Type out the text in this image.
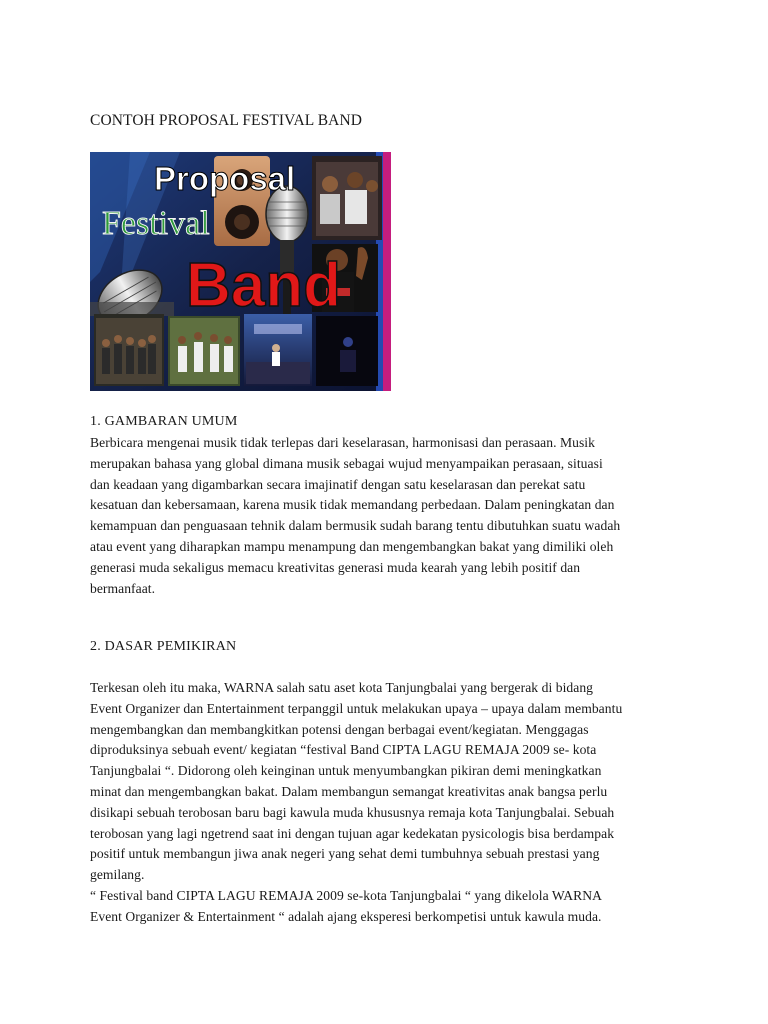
CONTOH PROPOSAL FESTIVAL BAND
Proposal
Festival
Band
1. GAMBARAN UMUM
Berbicara mengenai musik tidak terlepas dari keselarasan, harmonisasi dan perasaan. Musik
merupakan bahasa yang global dimana musik sebagai wujud menyampaikan perasaan, situasi
dan keadaan yang digambarkan secara imajinatif dengan satu keselarasan dan perekat satu
kesatuan dan kebersamaan, karena musik tidak memandang perbedaan. Dalam peningkatan dan
kemampuan dan penguasaan tehnik dalam bermusik sudah barang tentu dibutuhkan suatu wadah
atau event yang diharapkan mampu menampung dan mengembangkan bakat yang dimiliki oleh
generasi muda sekaligus memacu kreativitas generasi muda kearah yang lebih positif dan
bermanfaat.
2. DASAR PEMIKIRAN
Terkesan oleh itu maka, WARNA salah satu aset kota Tanjungbalai yang bergerak di bidang
Event Organizer dan Entertainment terpanggil untuk melakukan upaya – upaya dalam membantu
mengembangkan dan membangkitkan potensi dengan berbagai event/kegiatan. Menggagas
diproduksinya sebuah event/ kegiatan “festival Band CIPTA LAGU REMAJA 2009 se- kota
Tanjungbalai “. Didorong oleh keinginan untuk menyumbangkan pikiran demi meningkatkan
minat dan mengembangkan bakat. Dalam membangun semangat kreativitas anak bangsa perlu
disikapi sebuah terobosan baru bagi kawula muda khususnya remaja kota Tanjungbalai. Sebuah
terobosan yang lagi ngetrend saat ini dengan tujuan agar kedekatan pysicologis bisa berdampak
positif untuk membangun jiwa anak negeri yang sehat demi tumbuhnya sebuah prestasi yang
gemilang.
“ Festival band CIPTA LAGU REMAJA 2009 se-kota Tanjungbalai “ yang dikelola WARNA
Event Organizer & Entertainment “ adalah ajang eksperesi berkompetisi untuk kawula muda.
